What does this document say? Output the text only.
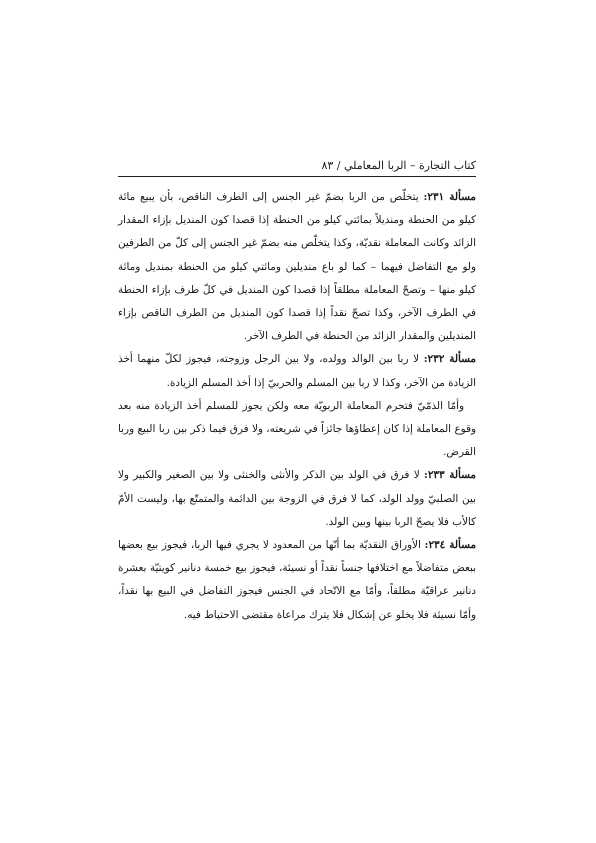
كتاب التجارة – الربا المعاملي / ٨٣

مسألة ٢٣١: يتخلّص من الربا بضمّ غير الجنس إلى الطرف الناقص، بأن يبيع مائة كيلو من الحنطة ومنديلاً بمائتي كيلو من الحنطة إذا قصدا كون المنديل بإزاء المقدار الزائد وكانت المعاملة نقديّة، وكذا يتخلّص منه بضمّ غير الجنس إلى كلّ من الطرفين ولو مع التفاضل فيهما – كما لو باع منديلين ومائتي كيلو من الحنطة بمنديل ومائة كيلو منها – وتصحّ المعاملة مطلقاً إذا قصدا كون المنديل في كلّ طرف بإزاء الحنطة في الطرف الآخر، وكذا تصحّ نقداً إذا قصدا كون المنديل من الطرف الناقص بإزاء المنديلين والمقدار الزائد من الحنطة في الطرف الآخر.

مسألة ٢٣٢: لا ربا بين الوالد وولده، ولا بين الرجل وزوجته، فيجوز لكلّ منهما أخذ الزيادة من الآخر، وكذا لا ربا بين المسلم والحربيّ إذا أخذ المسلم الزيادة.

وأمّا الذمّيّ فتحرم المعاملة الربويّة معه ولكن يجوز للمسلم أخذ الزيادة منه بعد وقوع المعاملة إذا كان إعطاؤها جائزاً في شريعته، ولا فرق فيما ذكر بين ربا البيع وربا القرض.

مسألة ٢٣٣: لا فرق في الولد بين الذكر والأنثى والخنثى ولا بين الصغير والكبير ولا بين الصلبيّ وولد الولد، كما لا فرق في الزوجة بين الدائمة والمتمتّع بها، وليست الأمّ كالأب فلا يصحّ الربا بينها وبين الولد.

مسألة ٢٣٤: الأوراق النقديّة بما أنّها من المعدود لا يجري فيها الربا، فيجوز بيع بعضها ببعض متفاضلاً مع اختلافها جنساً نقداً أو نسيئة، فيجوز بيع خمسة دنانير كويتيّة بعشرة دنانير عراقيّة مطلقاً، وأمّا مع الاتّحاد في الجنس فيجوز التفاضل في البيع بها نقداً، وأمّا نسيئة فلا يخلو عن إشكال فلا يترك مراعاة مقتضى الاحتياط فيه.
